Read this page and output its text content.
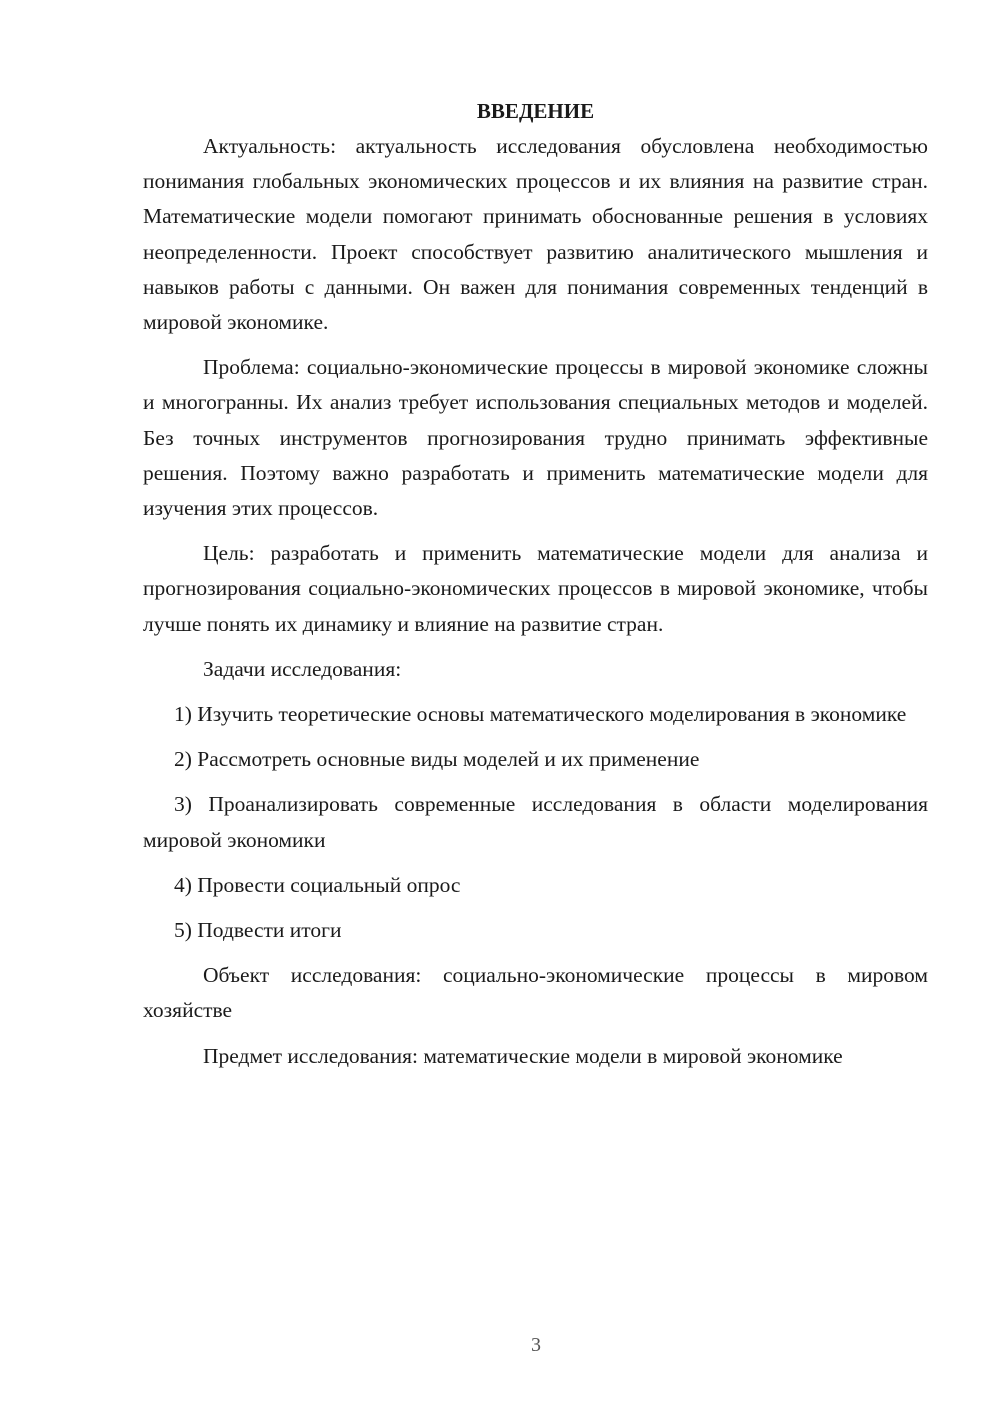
ВВЕДЕНИЕ

Актуальность: актуальность исследования обусловлена необходимостью понимания глобальных экономических процессов и их влияния на развитие стран. Математические модели помогают принимать обоснованные решения в условиях неопределенности. Проект способствует развитию аналитического мышления и навыков работы с данными. Он важен для понимания современных тенденций в мировой экономике.

Проблема: социально-экономические процессы в мировой экономике сложны и многогранны. Их анализ требует использования специальных методов и моделей. Без точных инструментов прогнозирования трудно принимать эффективные решения. Поэтому важно разработать и применить математические модели для изучения этих процессов.

Цель: разработать и применить математические модели для анализа и прогнозирования социально-экономических процессов в мировой экономике, чтобы лучше понять их динамику и влияние на развитие стран.

Задачи исследования:

1) Изучить теоретические основы математического моделирования в экономике

2) Рассмотреть основные виды моделей и их применение

3) Проанализировать современные исследования в области моделирования мировой экономики

4) Провести социальный опрос

5) Подвести итоги

Объект исследования: социально-экономические процессы в мировом хозяйстве

Предмет исследования: математические модели в мировой экономике

3
